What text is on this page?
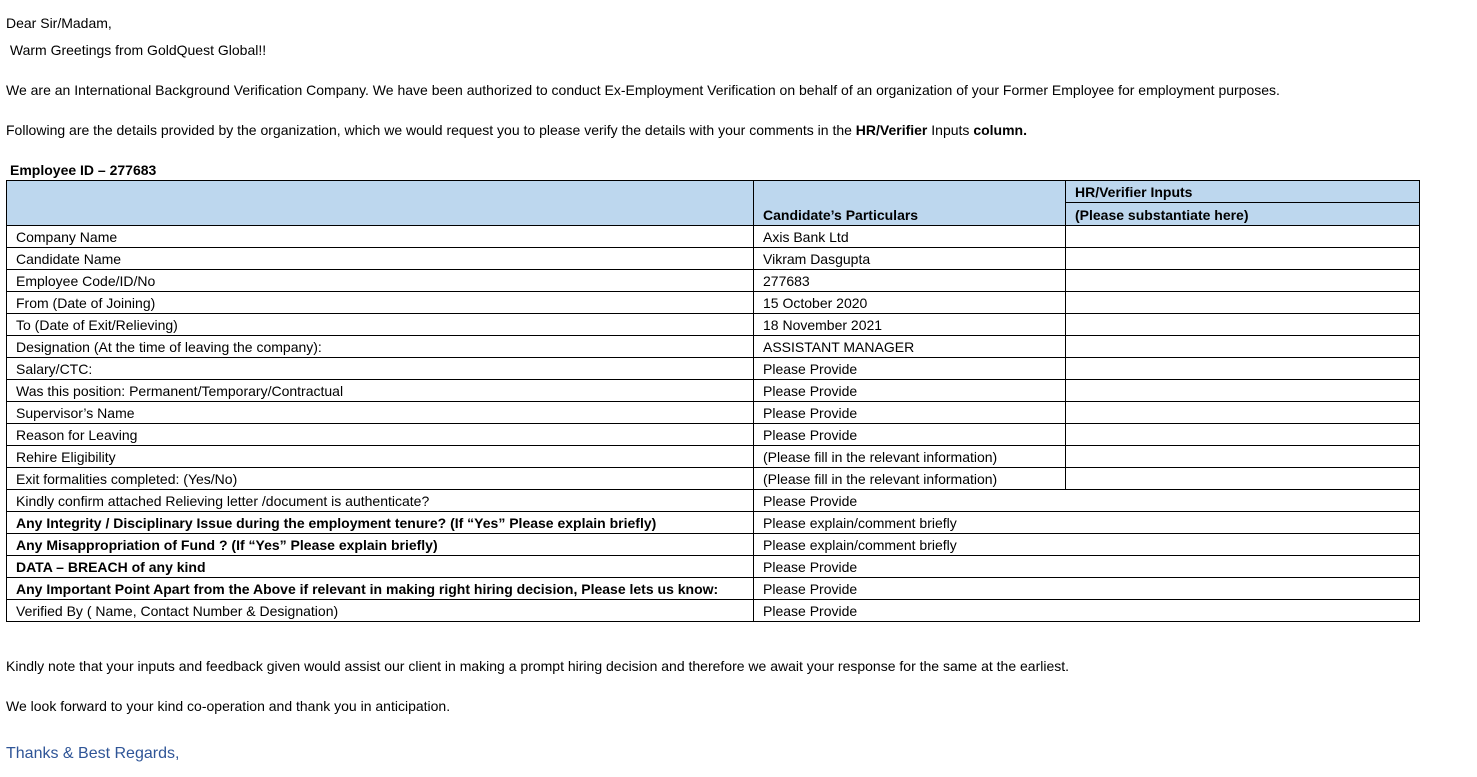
Dear Sir/Madam,
Warm Greetings from GoldQuest Global!!
We are an International Background Verification Company. We have been authorized to conduct Ex-Employment Verification on behalf of an organization of your Former Employee for employment purposes.
Following are the details provided by the organization, which we would request you to please verify the details with your comments in the HR/Verifier Inputs column.
Employee ID – 277683
	Candidate’s Particulars	HR/Verifier Inputs
		(Please substantiate here)
Company Name	Axis Bank Ltd	
Candidate Name	Vikram Dasgupta	
Employee Code/ID/No	277683	
From (Date of Joining)	15 October 2020	
To (Date of Exit/Relieving)	18 November 2021	
Designation (At the time of leaving the company):	ASSISTANT MANAGER	
Salary/CTC:	Please Provide	
Was this position: Permanent/Temporary/Contractual	Please Provide	
Supervisor’s Name	Please Provide	
Reason for Leaving	Please Provide	
Rehire Eligibility	(Please fill in the relevant information)	
Exit formalities completed: (Yes/No)	(Please fill in the relevant information)	
Kindly confirm attached Relieving letter /document is authenticate?	Please Provide	
Any Integrity / Disciplinary Issue during the employment tenure? (If “Yes” Please explain briefly)	Please explain/comment briefly	
Any Misappropriation of Fund ? (If “Yes” Please explain briefly)	Please explain/comment briefly	
DATA – BREACH of any kind	Please Provide	
Any Important Point Apart from the Above if relevant in making right hiring decision, Please lets us know:	Please Provide	
Verified By ( Name, Contact Number & Designation)	Please Provide	
Kindly note that your inputs and feedback given would assist our client in making a prompt hiring decision and therefore we await your response for the same at the earliest.
We look forward to your kind co-operation and thank you in anticipation.
Thanks & Best Regards,
